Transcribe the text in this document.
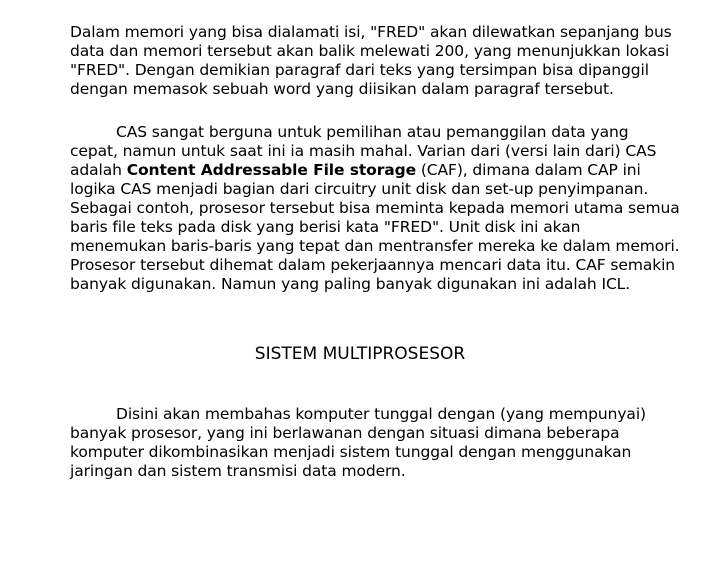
Dalam memori yang bisa dialamati isi, "FRED" akan dilewatkan sepanjang bus data dan memori tersebut akan balik melewati 200, yang menunjukkan lokasi "FRED". Dengan demikian paragraf dari teks yang tersimpan bisa dipanggil dengan memasok sebuah word yang diisikan dalam paragraf tersebut.
CAS sangat berguna untuk pemilihan atau pemanggilan data yang cepat, namun untuk saat ini ia masih mahal. Varian dari (versi lain dari) CAS adalah Content Addressable File storage (CAF), dimana dalam CAP ini logika CAS menjadi bagian dari circuitry unit disk dan set-up penyimpanan. Sebagai contoh, prosesor tersebut bisa meminta kepada memori utama semua baris file teks pada disk yang berisi kata "FRED". Unit disk ini akan menemukan baris-baris yang tepat dan mentransfer mereka ke dalam memori. Prosesor tersebut dihemat dalam pekerjaannya mencari data itu. CAF semakin banyak digunakan. Namun yang paling banyak digunakan ini adalah ICL.
SISTEM MULTIPROSESOR
Disini akan membahas komputer tunggal dengan (yang mempunyai) banyak prosesor, yang ini berlawanan dengan situasi dimana beberapa komputer dikombinasikan menjadi sistem tunggal dengan menggunakan jaringan dan sistem transmisi data modern.
